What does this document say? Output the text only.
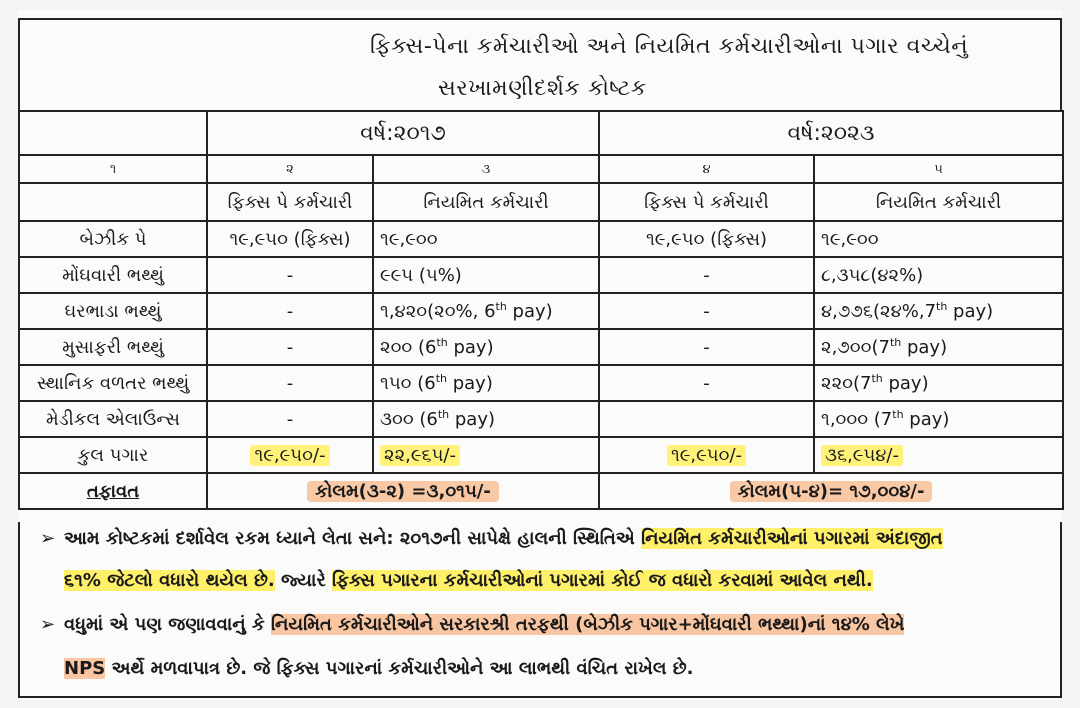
ફિક્સ-પેના કર્મચારીઓ અને નિયમિત કર્મચારીઓના પગાર વચ્ચેનું
સરખામણીદર્શક કોષ્ટક
	વર્ષ:૨૦૧૭		વર્ષ:૨૦૨૩	
૧	૨	૩	૪	૫
	ફિક્સ પે કર્મચારી	નિયમિત કર્મચારી	ફિક્સ પે કર્મચારી	નિયમિત કર્મચારી
બેઝીક પે	૧૯,૯૫૦ (ફિક્સ)	૧૯,૯૦૦	૧૯,૯૫૦ (ફિક્સ)	૧૯,૯૦૦
મોંઘવારી ભથ્થું	-	૯૯૫ (૫%)	-	૮,૩૫૮(૪૨%)
ઘરભાડા ભથ્થું	-	૧,૪૨૦(૨૦%, 6th pay)	-	૪,૭૭૬(૨૪%,7th pay)
મુસાફરી ભથ્થું	-	૨૦૦ (6th pay)	-	૨,૭૦૦(7th pay)
સ્થાનિક વળતર ભથ્થું	-	૧૫૦ (6th pay)	-	૨૨૦(7th pay)
મેડીકલ એલાઉન્સ	-	૩૦૦ (6th pay)		૧,૦૦૦ (7th pay)
કુલ પગાર	૧૯,૯૫૦/-	૨૨,૯૬૫/-	૧૯,૯૫૦/-	૩૬,૯૫૪/-
તફાવત	કોલમ(૩-૨) =૩,૦૧૫/-		કોલમ(૫-૪)= ૧૭,૦૦૪/-	
➢ આમ કોષ્ટકમાં દર્શાવેલ રકમ ધ્યાને લેતા સને: ૨૦૧૭ની સાપેક્ષે હાલની સ્થિતિએ નિયમિત કર્મચારીઓનાં પગારમાં અંદાજીત
૬૧% જેટલો વધારો થયેલ છે. જ્યારે ફિક્સ પગારના કર્મચારીઓનાં પગારમાં કોઈ જ વધારો કરવામાં આવેલ નથી.
➢ વધુમાં એ પણ જણાવવાનું કે નિયમિત કર્મચારીઓને સરકારશ્રી તરફથી (બેઝીક પગાર+મોંઘવારી ભથ્થા)નાં ૧૪% લેખે
NPS અર્થે મળવાપાત્ર છે. જે ફિક્સ પગારનાં કર્મચારીઓને આ લાભથી વંચિત રાખેલ છે.
